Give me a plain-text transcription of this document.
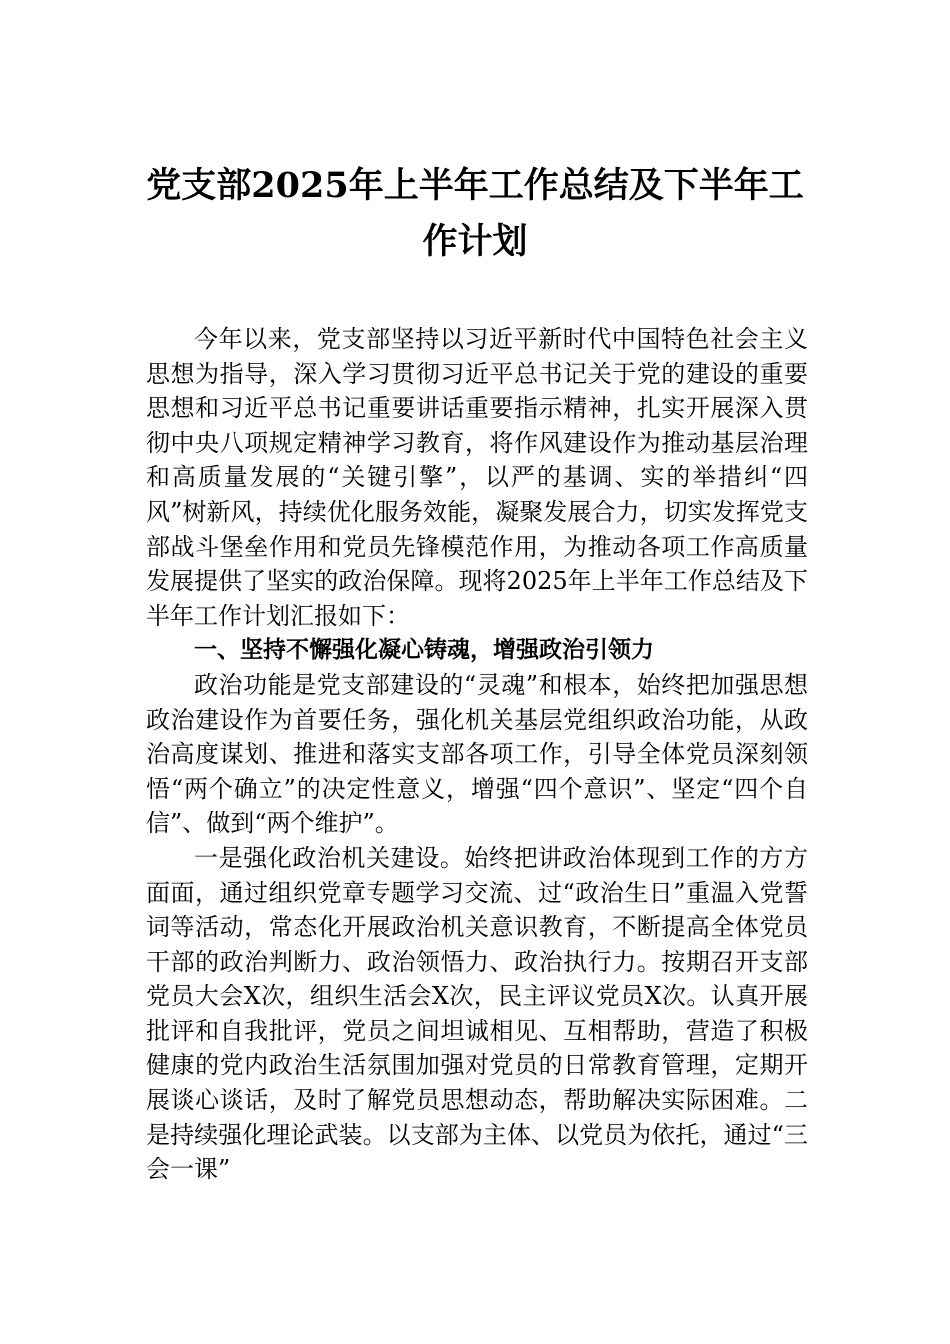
党支部2025年上半年工作总结及下半年工作计划

今年以来，党支部坚持以习近平新时代中国特色社会主义思想为指导，深入学习贯彻习近平总书记关于党的建设的重要思想和习近平总书记重要讲话重要指示精神，扎实开展深入贯彻中央八项规定精神学习教育，将作风建设作为推动基层治理和高质量发展的“关键引擎”，以严的基调、实的举措纠“四风”树新风，持续优化服务效能，凝聚发展合力，切实发挥党支部战斗堡垒作用和党员先锋模范作用，为推动各项工作高质量发展提供了坚实的政治保障。现将2025年上半年工作总结及下半年工作计划汇报如下：

一、坚持不懈强化凝心铸魂，增强政治引领力

政治功能是党支部建设的“灵魂”和根本，始终把加强思想政治建设作为首要任务，强化机关基层党组织政治功能，从政治高度谋划、推进和落实支部各项工作，引导全体党员深刻领悟“两个确立”的决定性意义，增强“四个意识”、坚定“四个自信”、做到“两个维护”。

一是强化政治机关建设。始终把讲政治体现到工作的方方面面，通过组织党章专题学习交流、过“政治生日”重温入党誓词等活动，常态化开展政治机关意识教育，不断提高全体党员干部的政治判断力、政治领悟力、政治执行力。按期召开支部党员大会X次，组织生活会X次，民主评议党员X次。认真开展批评和自我批评，党员之间坦诚相见、互相帮助，营造了积极健康的党内政治生活氛围加强对党员的日常教育管理，定期开展谈心谈话，及时了解党员思想动态，帮助解决实际困难。二是持续强化理论武装。以支部为主体、以党员为依托，通过“三会一课”
